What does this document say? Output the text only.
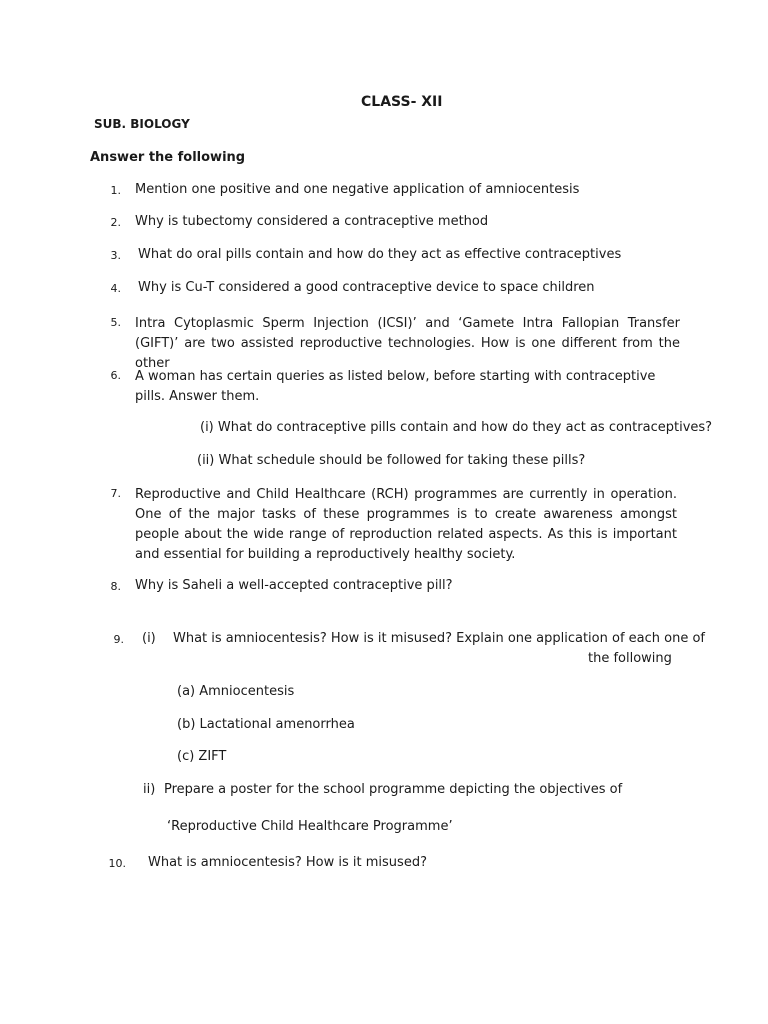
CLASS- XII
SUB. BIOLOGY
Answer the following
1. Mention one positive and one negative application of amniocentesis
2. Why is tubectomy considered a contraceptive method
3. What do oral pills contain and how do they act as effective contraceptives
4. Why is Cu-T considered a good contraceptive device to space children
5. Intra Cytoplasmic Sperm Injection (ICSI)’ and ‘Gamete Intra Fallopian Transfer (GIFT)’ are two assisted reproductive technologies. How is one different from the other
6. A woman has certain queries as listed below, before starting with contraceptive pills. Answer them.
(i) What do contraceptive pills contain and how do they act as contraceptives?
(ii) What schedule should be followed for taking these pills?
7. Reproductive and Child Healthcare (RCH) programmes are currently in operation. One of the major tasks of these programmes is to create awareness amongst people about the wide range of reproduction related aspects. As this is important and essential for building a reproductively healthy society.
8. Why is Saheli a well-accepted contraceptive pill?
9. (i) What is amniocentesis? How is it misused? Explain one application of each one of
the following
(a) Amniocentesis
(b) Lactational amenorrhea
(c) ZIFT
ii) Prepare a poster for the school programme depicting the objectives of
‘Reproductive Child Healthcare Programme’
10. What is amniocentesis? How is it misused?
